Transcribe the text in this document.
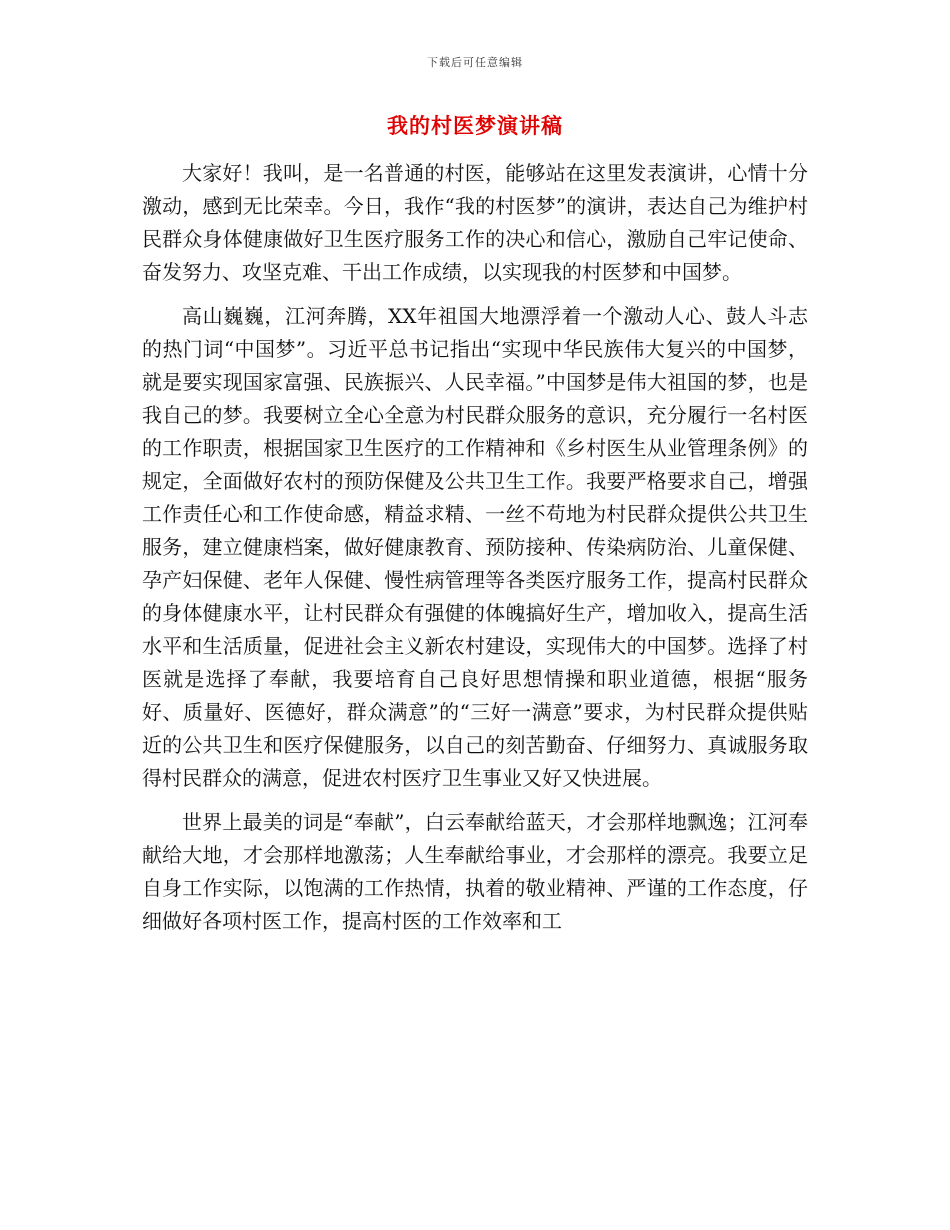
下载后可任意编辑
我的村医梦演讲稿

大家好！我叫，是一名普通的村医，能够站在这里发表演讲，心情十分激动，感到无比荣幸。今日，我作“我的村医梦”的演讲，表达自己为维护村民群众身体健康做好卫生医疗服务工作的决心和信心，激励自己牢记使命、奋发努力、攻坚克难、干出工作成绩，以实现我的村医梦和中国梦。

高山巍巍，江河奔腾，XX年祖国大地漂浮着一个激动人心、鼓人斗志的热门词“中国梦”。习近平总书记指出“实现中华民族伟大复兴的中国梦，就是要实现国家富强、民族振兴、人民幸福。”中国梦是伟大祖国的梦，也是我自己的梦。我要树立全心全意为村民群众服务的意识，充分履行一名村医的工作职责，根据国家卫生医疗的工作精神和《乡村医生从业管理条例》的规定，全面做好农村的预防保健及公共卫生工作。我要严格要求自己，增强工作责任心和工作使命感，精益求精、一丝不苟地为村民群众提供公共卫生服务，建立健康档案，做好健康教育、预防接种、传染病防治、儿童保健、孕产妇保健、老年人保健、慢性病管理等各类医疗服务工作，提高村民群众的身体健康水平，让村民群众有强健的体魄搞好生产，增加收入，提高生活水平和生活质量，促进社会主义新农村建设，实现伟大的中国梦。选择了村医就是选择了奉献，我要培育自己良好思想情操和职业道德，根据“服务好、质量好、医德好，群众满意”的“三好一满意”要求，为村民群众提供贴近的公共卫生和医疗保健服务，以自己的刻苦勤奋、仔细努力、真诚服务取得村民群众的满意，促进农村医疗卫生事业又好又快进展。

世界上最美的词是“奉献”，白云奉献给蓝天，才会那样地飘逸；江河奉献给大地，才会那样地激荡；人生奉献给事业，才会那样的漂亮。我要立足自身工作实际，以饱满的工作热情，执着的敬业精神、严谨的工作态度，仔细做好各项村医工作，提高村医的工作效率和工
